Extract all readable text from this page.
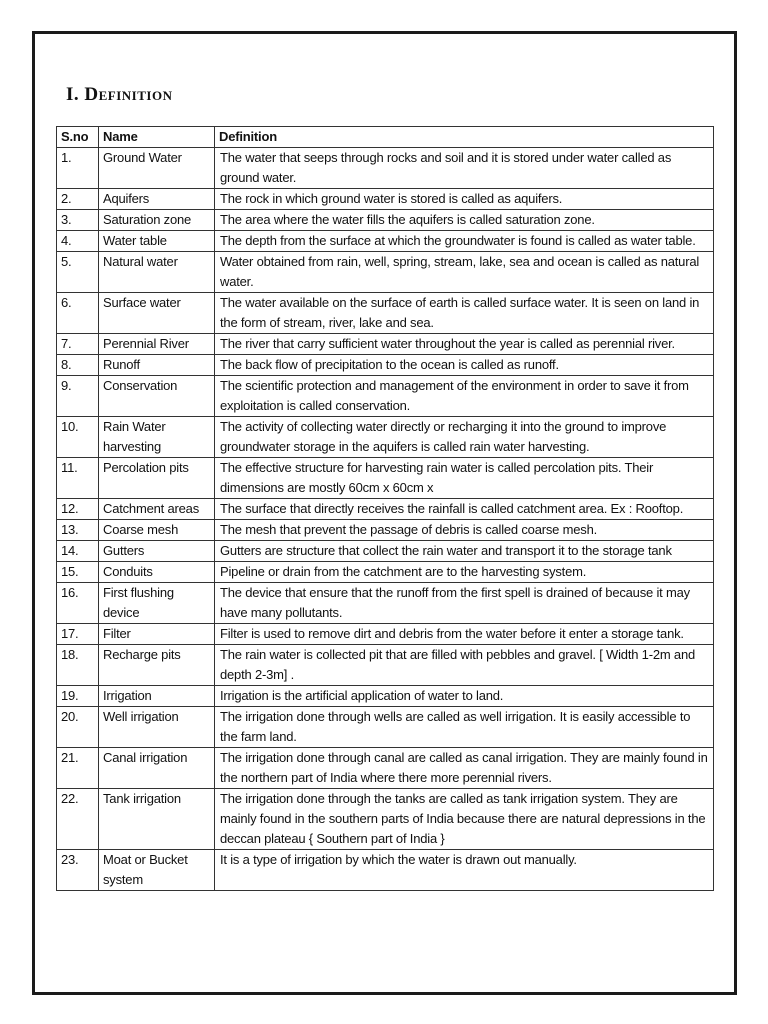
I. Definition
S.no	Name	Definition
1.	Ground Water	The water that seeps through rocks and soil and it is stored under water called as ground water.
2.	Aquifers	The rock in which ground water is stored is called as aquifers.
3.	Saturation zone	The area where the water fills the aquifers is called saturation zone.
4.	Water table	The depth from the surface at which the groundwater is found is called as water table.
5.	Natural water	Water obtained from rain, well, spring, stream, lake, sea and ocean is called as natural water.
6.	Surface water	The water available on the surface of earth is called surface water. It is seen on land in the form of stream, river, lake and sea.
7.	Perennial River	The river that carry sufficient water throughout the year is called as perennial river.
8.	Runoff	The back flow of precipitation to the ocean is called as runoff.
9.	Conservation	The scientific protection and management of the environment in order to save it from exploitation is called conservation.
10.	Rain Water harvesting	The activity of collecting water directly or recharging it into the ground to improve groundwater storage in the aquifers is called rain water harvesting.
11.	Percolation pits	The effective structure for harvesting rain water is called percolation pits. Their dimensions are mostly 60cm x 60cm x
12.	Catchment areas	The surface that directly receives the rainfall is called catchment area. Ex : Rooftop.
13.	Coarse mesh	The mesh that prevent the passage of debris is called coarse mesh.
14.	Gutters	Gutters are structure that collect the rain water and transport it to the storage tank
15.	Conduits	Pipeline or drain from the catchment are to the harvesting system.
16.	First flushing device	The device that ensure that the runoff from the first spell is drained of because it may have many pollutants.
17.	Filter	Filter is used to remove dirt and debris from the water before it enter a storage tank.
18.	Recharge pits	The rain water is collected pit that are filled with pebbles and gravel. [ Width 1-2m and depth 2-3m] .
19.	Irrigation	Irrigation is the artificial application of water to land.
20.	Well irrigation	The irrigation done through wells are called as well irrigation. It is easily accessible to the farm land.
21.	Canal irrigation	The irrigation done through canal are called as canal irrigation. They are mainly found in the northern part of India where there more perennial rivers.
22.	Tank irrigation	The irrigation done through the tanks are called as tank irrigation system. They are mainly found in the southern parts of India because there are natural depressions in the deccan plateau { Southern part of India }
23.	Moat or Bucket system	It is a type of irrigation by which the water is drawn out manually.
